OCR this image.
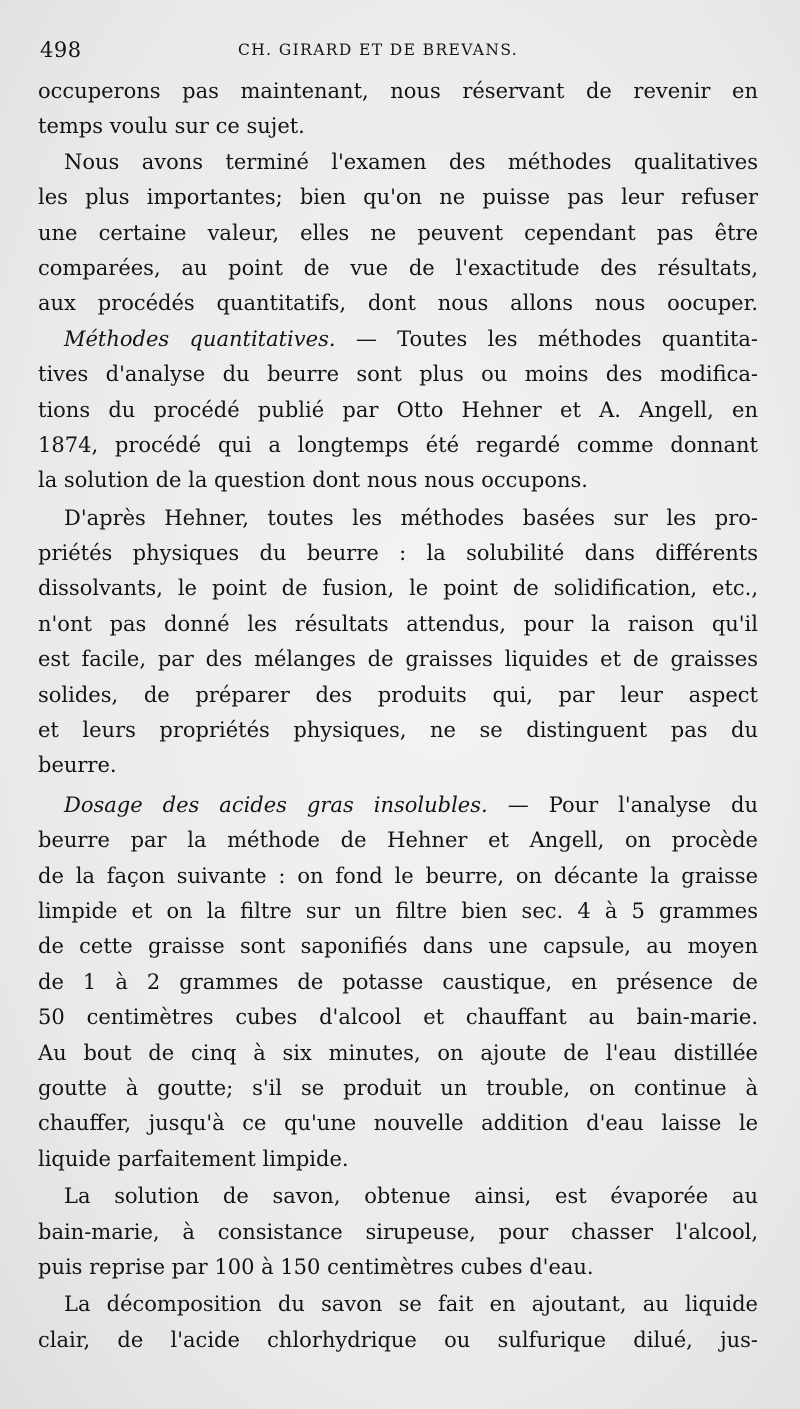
498	CH. GIRARD ET DE BREVANS.
occuperons pas maintenant, nous réservant de revenir en
temps voulu sur ce sujet.
Nous avons terminé l'examen des méthodes qualitatives
les plus importantes; bien qu'on ne puisse pas leur refuser
une certaine valeur, elles ne peuvent cependant pas être
comparées, au point de vue de l'exactitude des résultats,
aux procédés quantitatifs, dont nous allons nous oocuper.
Méthodes quantitatives. — Toutes les méthodes quantita-
tives d'analyse du beurre sont plus ou moins des modifica-
tions du procédé publié par Otto Hehner et A. Angell, en
1874, procédé qui a longtemps été regardé comme donnant
la solution de la question dont nous nous occupons.
D'après Hehner, toutes les méthodes basées sur les pro-
priétés physiques du beurre : la solubilité dans différents
dissolvants, le point de fusion, le point de solidification, etc.,
n'ont pas donné les résultats attendus, pour la raison qu'il
est facile, par des mélanges de graisses liquides et de graisses
solides, de préparer des produits qui, par leur aspect
et leurs propriétés physiques, ne se distinguent pas du
beurre.
Dosage des acides gras insolubles. — Pour l'analyse du
beurre par la méthode de Hehner et Angell, on procède
de la façon suivante : on fond le beurre, on décante la graisse
limpide et on la filtre sur un filtre bien sec. 4 à 5 grammes
de cette graisse sont saponifiés dans une capsule, au moyen
de 1 à 2 grammes de potasse caustique, en présence de
50 centimètres cubes d'alcool et chauffant au bain-marie.
Au bout de cinq à six minutes, on ajoute de l'eau distillée
goutte à goutte; s'il se produit un trouble, on continue à
chauffer, jusqu'à ce qu'une nouvelle addition d'eau laisse le
liquide parfaitement limpide.
La solution de savon, obtenue ainsi, est évaporée au
bain-marie, à consistance sirupeuse, pour chasser l'alcool,
puis reprise par 100 à 150 centimètres cubes d'eau.
La décomposition du savon se fait en ajoutant, au liquide
clair, de l'acide chlorhydrique ou sulfurique dilué, jus-
